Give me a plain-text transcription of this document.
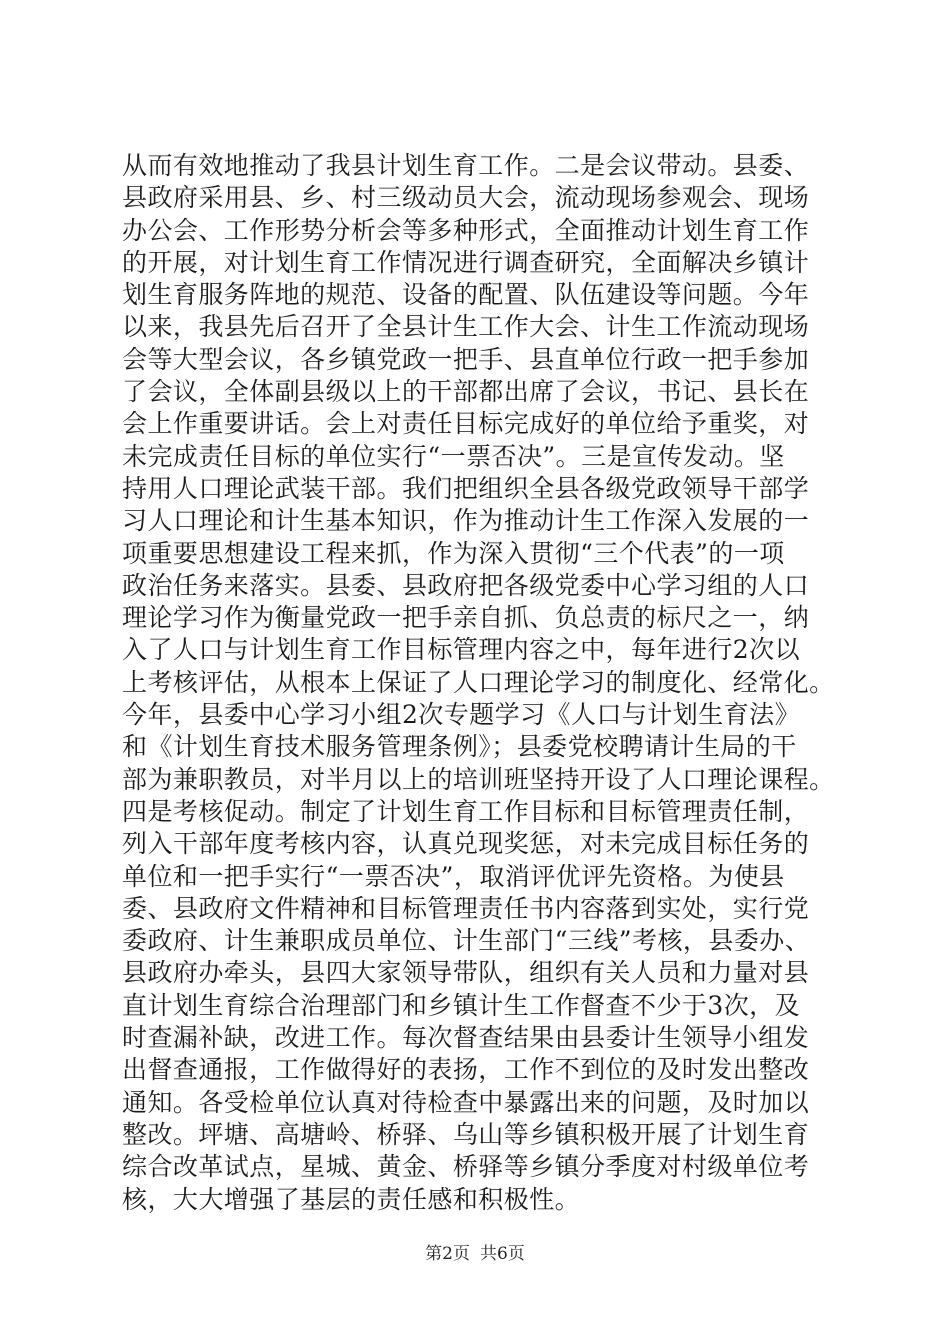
从而有效地推动了我县计划生育工作。二是会议带动。县委、
县政府采用县、乡、村三级动员大会，流动现场参观会、现场
办公会、工作形势分析会等多种形式，全面推动计划生育工作
的开展，对计划生育工作情况进行调查研究，全面解决乡镇计
划生育服务阵地的规范、设备的配置、队伍建设等问题。今年
以来，我县先后召开了全县计生工作大会、计生工作流动现场
会等大型会议，各乡镇党政一把手、县直单位行政一把手参加
了会议，全体副县级以上的干部都出席了会议，书记、县长在
会上作重要讲话。会上对责任目标完成好的单位给予重奖，对
未完成责任目标的单位实行“一票否决”。三是宣传发动。坚
持用人口理论武装干部。我们把组织全县各级党政领导干部学
习人口理论和计生基本知识，作为推动计生工作深入发展的一
项重要思想建设工程来抓，作为深入贯彻“三个代表”的一项
政治任务来落实。县委、县政府把各级党委中心学习组的人口
理论学习作为衡量党政一把手亲自抓、负总责的标尺之一，纳
入了人口与计划生育工作目标管理内容之中，每年进行2次以
上考核评估，从根本上保证了人口理论学习的制度化、经常化。
今年，县委中心学习小组2次专题学习《人口与计划生育法》
和《计划生育技术服务管理条例》；县委党校聘请计生局的干
部为兼职教员，对半月以上的培训班坚持开设了人口理论课程。
四是考核促动。制定了计划生育工作目标和目标管理责任制，
列入干部年度考核内容，认真兑现奖惩，对未完成目标任务的
单位和一把手实行“一票否决”，取消评优评先资格。为使县
委、县政府文件精神和目标管理责任书内容落到实处，实行党
委政府、计生兼职成员单位、计生部门“三线”考核，县委办、
县政府办牵头，县四大家领导带队，组织有关人员和力量对县
直计划生育综合治理部门和乡镇计生工作督查不少于3次，及
时查漏补缺，改进工作。每次督查结果由县委计生领导小组发
出督查通报，工作做得好的表扬，工作不到位的及时发出整改
通知。各受检单位认真对待检查中暴露出来的问题，及时加以
整改。坪塘、高塘岭、桥驿、乌山等乡镇积极开展了计划生育
综合改革试点，星城、黄金、桥驿等乡镇分季度对村级单位考
核，大大增强了基层的责任感和积极性。
第2页 共6页
